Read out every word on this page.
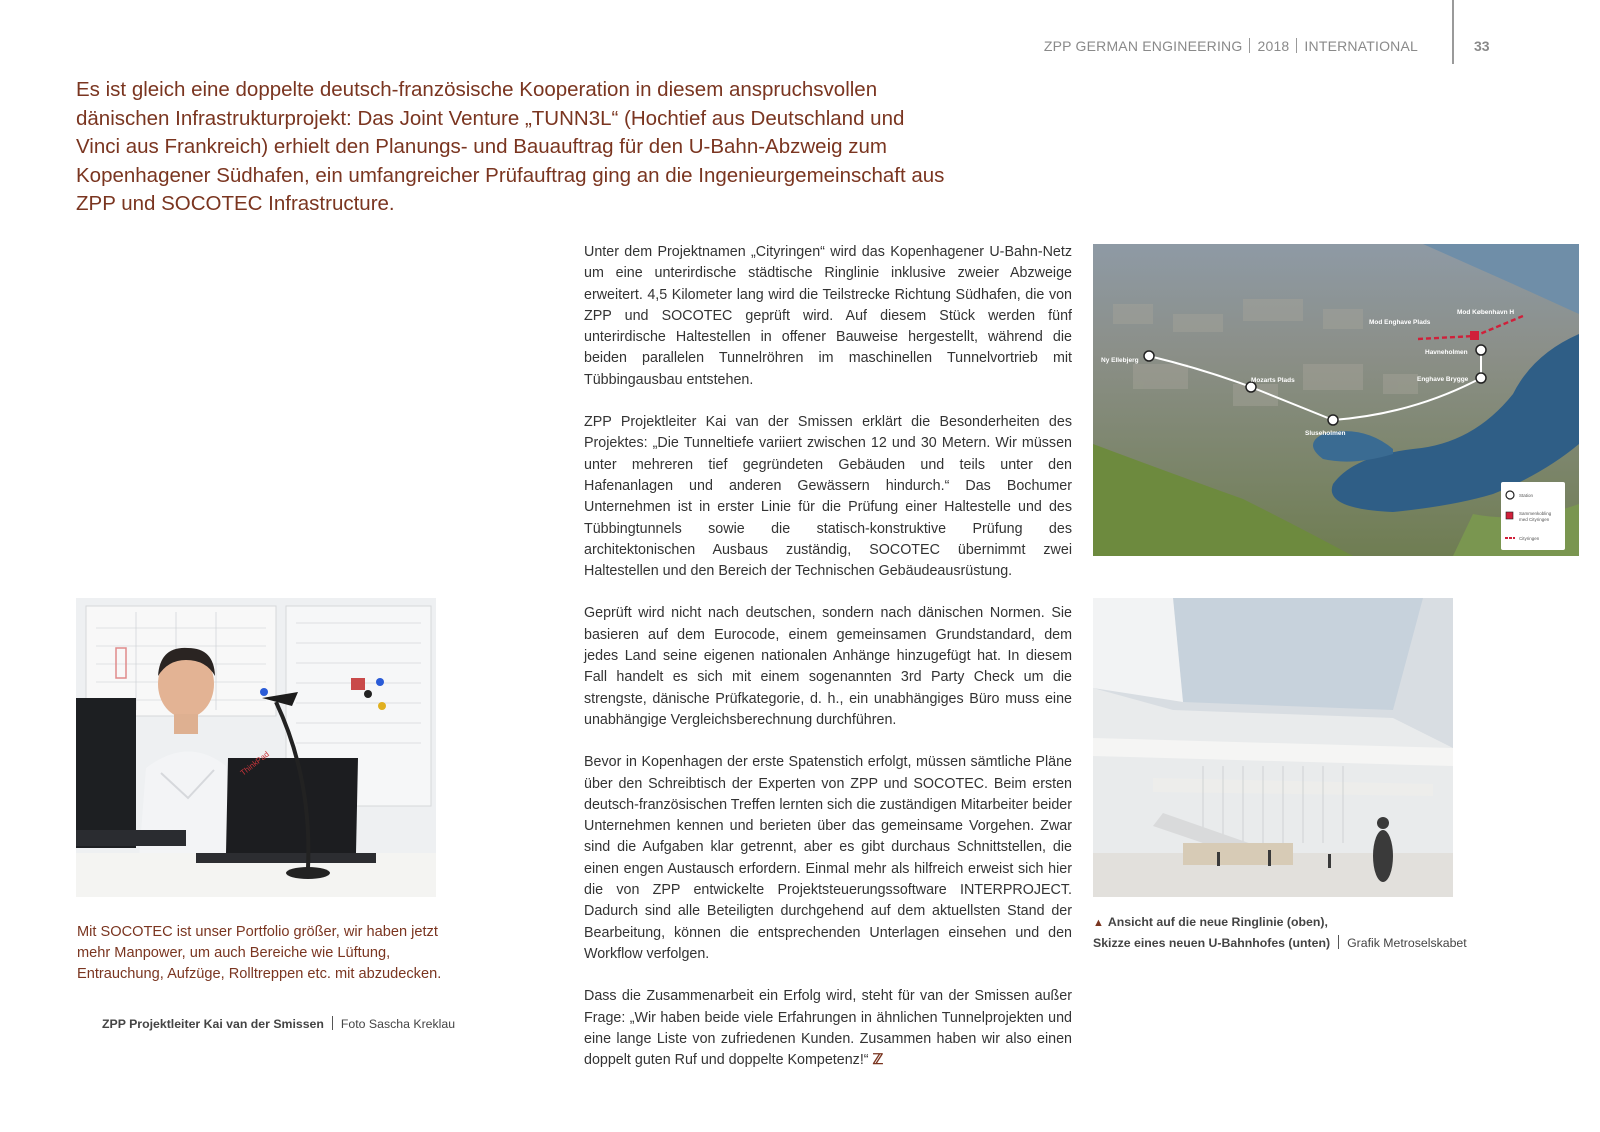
ZPP GERMAN ENGINEERING 2018 INTERNATIONAL	33
Es ist gleich eine doppelte deutsch-französische Kooperation in diesem anspruchsvollen dänischen Infrastrukturprojekt: Das Joint Venture „TUNN3L“ (Hochtief aus Deutschland und Vinci aus Frankreich) erhielt den Planungs- und Bauauftrag für den U-Bahn-Abzweig zum Kopenhagener Südhafen, ein umfangreicher Prüfauftrag ging an die Ingenieurgemeinschaft aus ZPP und SOCOTEC Infrastructure.

Unter dem Projektnamen „Cityringen“ wird das Kopenhagener U-Bahn-Netz um eine unterirdische städtische Ringlinie inklusive zweier Abzweige erweitert. 4,5 Kilometer lang wird die Teilstrecke Richtung Südhafen, die von ZPP und SOCOTEC geprüft wird. Auf diesem Stück werden fünf unterirdische Haltestellen in offener Bauweise hergestellt, während die beiden parallelen Tunnelröhren im maschinellen Tunnelvortrieb mit Tübbingausbau entstehen.

ZPP Projektleiter Kai van der Smissen erklärt die Besonderheiten des Projektes: „Die Tunneltiefe variiert zwischen 12 und 30 Metern. Wir müssen unter mehreren tief gegründeten Gebäuden und teils unter den Hafenanlagen und anderen Gewässern hindurch.“ Das Bochumer Unternehmen ist in erster Linie für die Prüfung einer Haltestelle und des Tübbingtunnels sowie die statisch-konstruktive Prüfung des architektonischen Ausbaus zuständig, SOCOTEC übernimmt zwei Haltestellen und den Bereich der Technischen Gebäudeausrüstung.

Geprüft wird nicht nach deutschen, sondern nach dänischen Normen. Sie basieren auf dem Eurocode, einem gemeinsamen Grundstandard, dem jedes Land seine eigenen nationalen Anhänge hinzugefügt hat. In diesem Fall handelt es sich mit einem sogenannten 3rd Party Check um die strengste, dänische Prüfkategorie, d. h., ein unabhängiges Büro muss eine unabhängige Vergleichsberechnung durchführen.

Bevor in Kopenhagen der erste Spatenstich erfolgt, müssen sämtliche Pläne über den Schreibtisch der Experten von ZPP und SOCOTEC. Beim ersten deutsch-französischen Treffen lernten sich die zuständigen Mitarbeiter beider Unternehmen kennen und berieten über das gemeinsame Vorgehen. Zwar sind die Aufgaben klar getrennt, aber es gibt durchaus Schnittstellen, die einen engen Austausch erfordern. Einmal mehr als hilfreich erweist sich hier die von ZPP entwickelte Projektsteuerungssoftware INTERPROJECT. Dadurch sind alle Beteiligten durchgehend auf dem aktuellsten Stand der Bearbeitung, können die entsprechenden Unterlagen einsehen und den Workflow verfolgen.

Dass die Zusammenarbeit ein Erfolg wird, steht für van der Smissen außer Frage: „Wir haben beide viele Erfahrungen in ähnlichen Tunnelprojekten und eine lange Liste von zufriedenen Kunden. Zusammen haben wir also einen doppelt guten Ruf und doppelte Kompetenz!“ ℤ

ThinkPad
Mit SOCOTEC ist unser Portfolio größer, wir haben jetzt mehr Manpower, um auch Bereiche wie Lüftung, Entrauchung, Aufzüge, Rolltreppen etc. mit abzudecken.
ZPP Projektleiter Kai van der Smissen Foto Sascha Kreklau
Mod København H
Mod Enghave Plads
Havneholmen
Enghave Brygge
Ny Ellebjerg
Mozarts Plads
Sluseholmen
Station
Sammenkobling
med Cityringen
Cityringen
▲ Ansicht auf die neue Ringlinie (oben),
Skizze eines neuen U-Bahnhofes (unten) Grafik Metroselskabet
